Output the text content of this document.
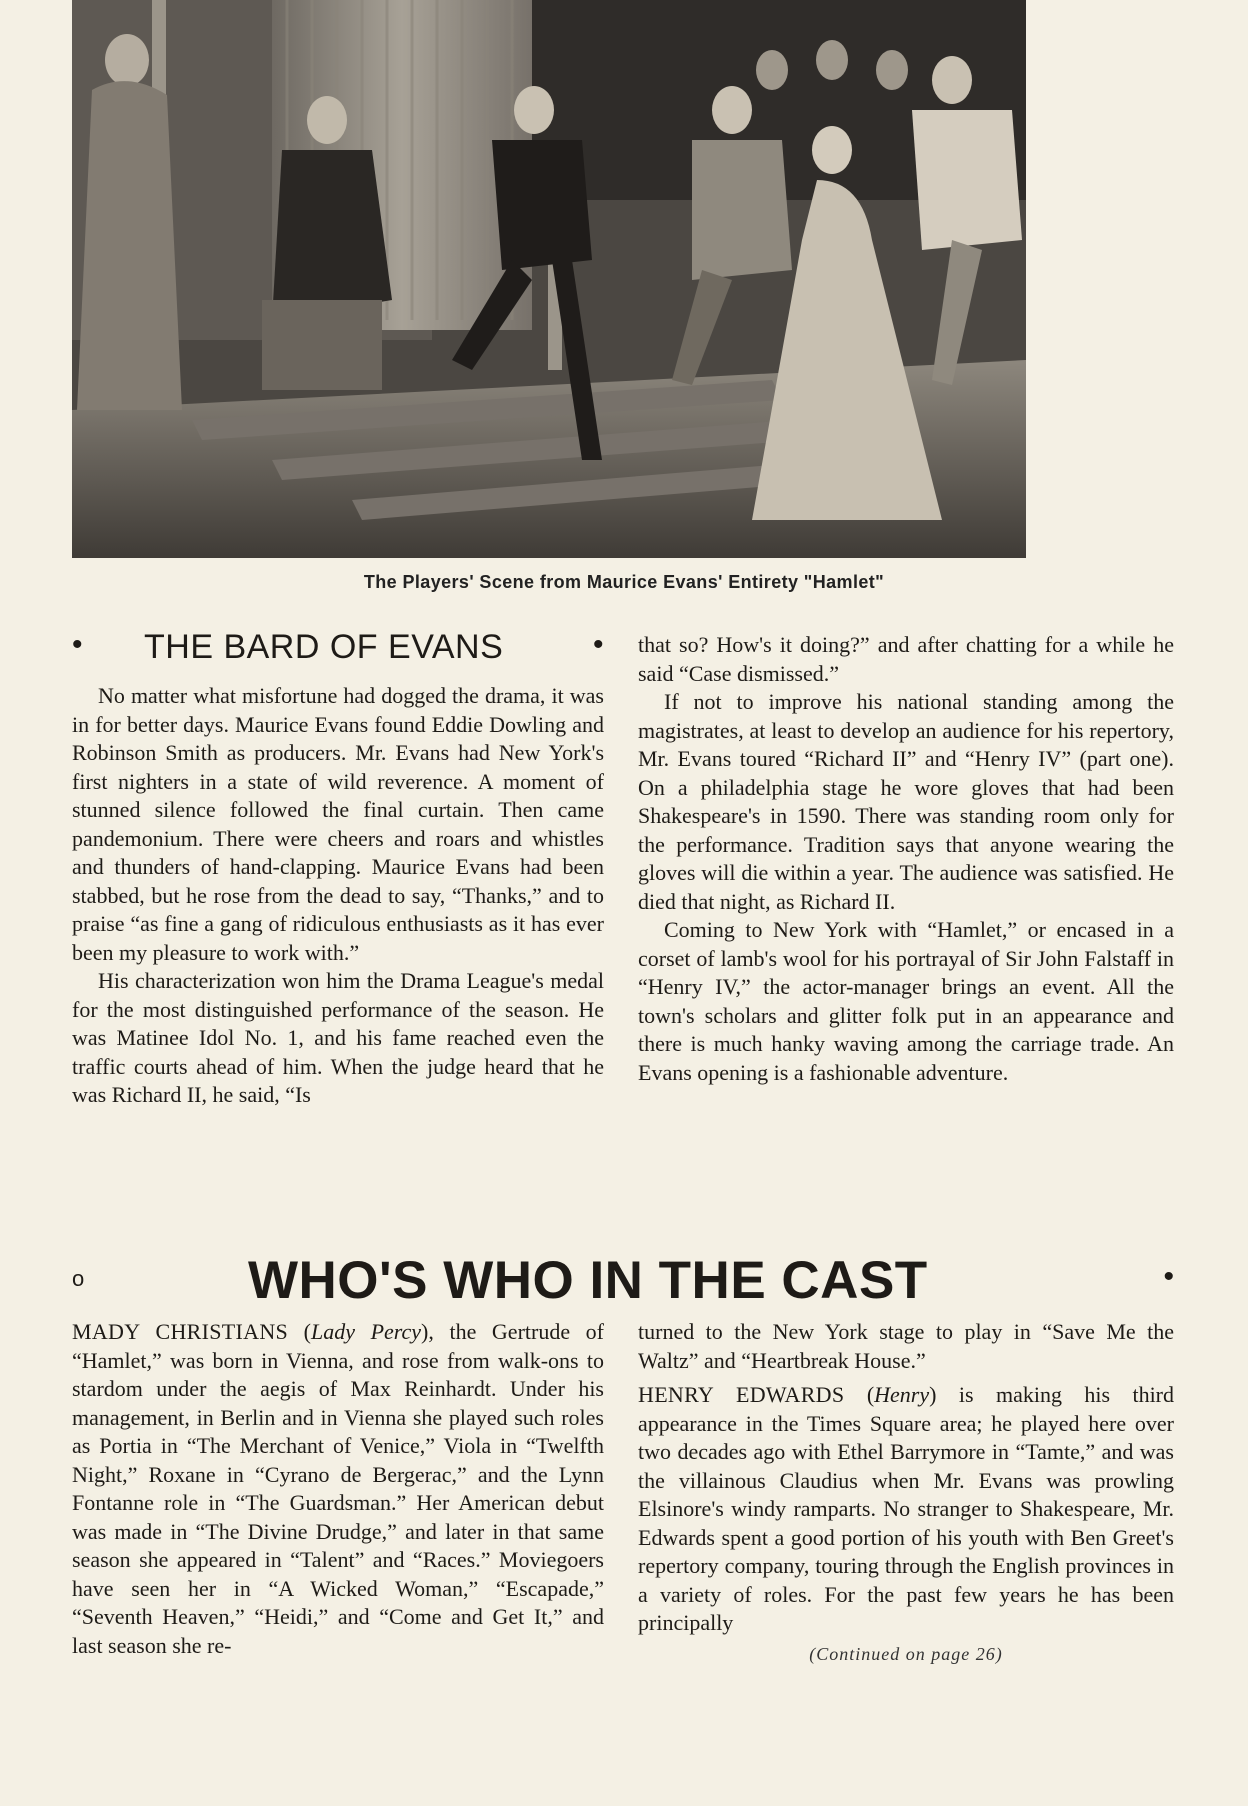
The Players' Scene from Maurice Evans' Entirety "Hamlet"
• THE BARD OF EVANS	•

No matter what misfortune had dogged the drama, it was in for better days. Maurice Evans found Eddie Dowling and Robinson Smith as producers. Mr. Evans had New York's first nighters in a state of wild reverence. A moment of stunned silence followed the final curtain. Then came pandemonium. There were cheers and roars and whistles and thunders of hand-clapping. Maurice Evans had been stabbed, but he rose from the dead to say, “Thanks,” and to praise “as fine a gang of ridiculous enthusiasts as it has ever been my pleasure to work with.”

His characterization won him the Drama League's medal for the most distinguished performance of the season. He was Matinee Idol No. 1, and his fame reached even the traffic courts ahead of him. When the judge heard that he was Richard II, he said, “Is

that so? How's it doing?” and after chatting for a while he said “Case dismissed.”

If not to improve his national standing among the magistrates, at least to develop an audience for his repertory, Mr. Evans toured “Richard II” and “Henry IV” (part one). On a philadelphia stage he wore gloves that had been Shakespeare's in 1590. There was standing room only for the performance. Tradition says that anyone wearing the gloves will die within a year. The audience was satisfied. He died that night, as Richard II.

Coming to New York with “Hamlet,” or encased in a corset of lamb's wool for his portrayal of Sir John Falstaff in “Henry IV,” the actor-manager brings an event. All the town's scholars and glitter folk put in an appearance and there is much hanky waving among the carriage trade. An Evans opening is a fashionable adventure.

o	WHO'S WHO IN THE CAST	•

MADY CHRISTIANS (Lady Percy), the Gertrude of “Hamlet,” was born in Vienna, and rose from walk-ons to stardom under the aegis of Max Reinhardt. Under his management, in Berlin and in Vienna she played such roles as Portia in “The Merchant of Venice,” Viola in “Twelfth Night,” Roxane in “Cyrano de Bergerac,” and the Lynn Fontanne role in “The Guardsman.” Her American debut was made in “The Divine Drudge,” and later in that same season she appeared in “Talent” and “Races.” Moviegoers have seen her in “A Wicked Woman,” “Escapade,” “Seventh Heaven,” “Heidi,” and “Come and Get It,” and last season she re-

turned to the New York stage to play in “Save Me the Waltz” and “Heartbreak House.”

HENRY EDWARDS (Henry) is making his third appearance in the Times Square area; he played here over two decades ago with Ethel Barrymore in “Tamte,” and was the villainous Claudius when Mr. Evans was prowling Elsinore's windy ramparts. No stranger to Shakespeare, Mr. Edwards spent a good portion of his youth with Ben Greet's repertory company, touring through the English provinces in a variety of roles. For the past few years he has been principally

(Continued on page 26)
